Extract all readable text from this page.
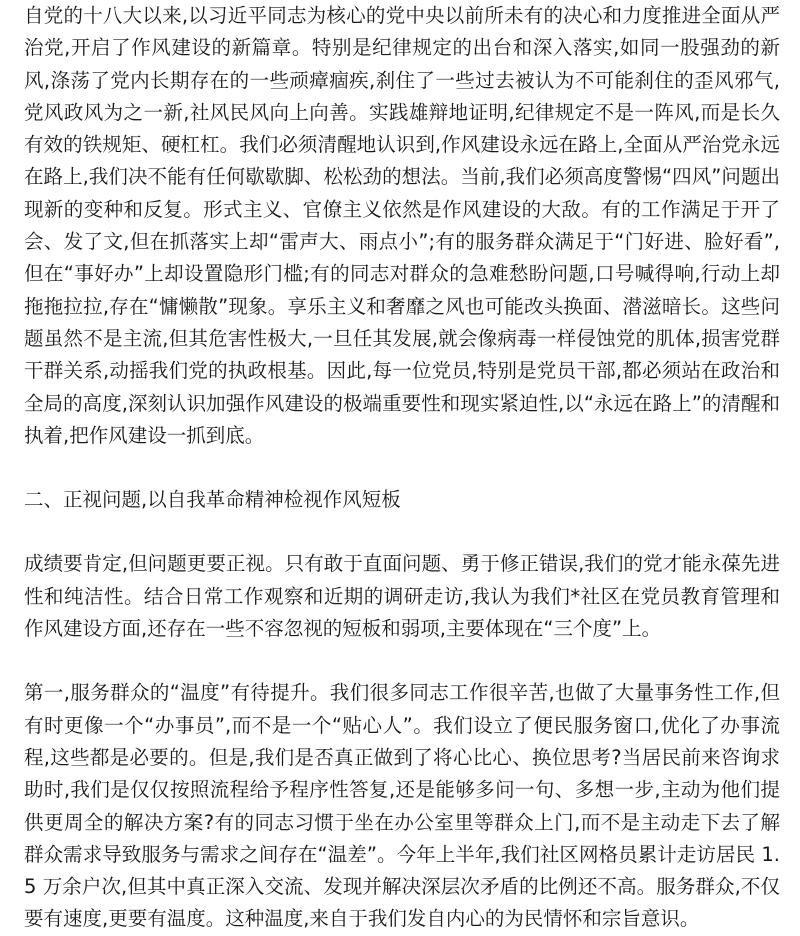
自党的十八大以来,以习近平同志为核心的党中央以前所未有的决心和力度推进全面从严治党,开启了作风建设的新篇章。特别是纪律规定的出台和深入落实,如同一股强劲的新风,涤荡了党内长期存在的一些顽瘴痼疾,刹住了一些过去被认为不可能刹住的歪风邪气,党风政风为之一新,社风民风向上向善。实践雄辩地证明,纪律规定不是一阵风,而是长久有效的铁规矩、硬杠杠。我们必须清醒地认识到,作风建设永远在路上,全面从严治党永远在路上,我们决不能有任何歇歇脚、松松劲的想法。当前,我们必须高度警惕“四风”问题出现新的变种和反复。形式主义、官僚主义依然是作风建设的大敌。有的工作满足于开了会、发了文,但在抓落实上却“雷声大、雨点小”;有的服务群众满足于“门好进、脸好看”,但在“事好办”上却设置隐形门槛;有的同志对群众的急难愁盼问题,口号喊得响,行动上却拖拖拉拉,存在“慵懒散”现象。享乐主义和奢靡之风也可能改头换面、潜滋暗长。这些问题虽然不是主流,但其危害性极大,一旦任其发展,就会像病毒一样侵蚀党的肌体,损害党群干群关系,动摇我们党的执政根基。因此,每一位党员,特别是党员干部,都必须站在政治和全局的高度,深刻认识加强作风建设的极端重要性和现实紧迫性,以“永远在路上”的清醒和执着,把作风建设一抓到底。

二、正视问题,以自我革命精神检视作风短板

成绩要肯定,但问题更要正视。只有敢于直面问题、勇于修正错误,我们的党才能永葆先进性和纯洁性。结合日常工作观察和近期的调研走访,我认为我们*社区在党员教育管理和作风建设方面,还存在一些不容忽视的短板和弱项,主要体现在“三个度”上。

第一,服务群众的“温度”有待提升。我们很多同志工作很辛苦,也做了大量事务性工作,但有时更像一个“办事员”,而不是一个“贴心人”。我们设立了便民服务窗口,优化了办事流程,这些都是必要的。但是,我们是否真正做到了将心比心、换位思考?当居民前来咨询求助时,我们是仅仅按照流程给予程序性答复,还是能够多问一句、多想一步,主动为他们提供更周全的解决方案?有的同志习惯于坐在办公室里等群众上门,而不是主动走下去了解群众需求导致服务与需求之间存在“温差”。今年上半年,我们社区网格员累计走访居民 1.5 万余户次,但其中真正深入交流、发现并解决深层次矛盾的比例还不高。服务群众,不仅要有速度,更要有温度。这种温度,来自于我们发自内心的为民情怀和宗旨意识。
